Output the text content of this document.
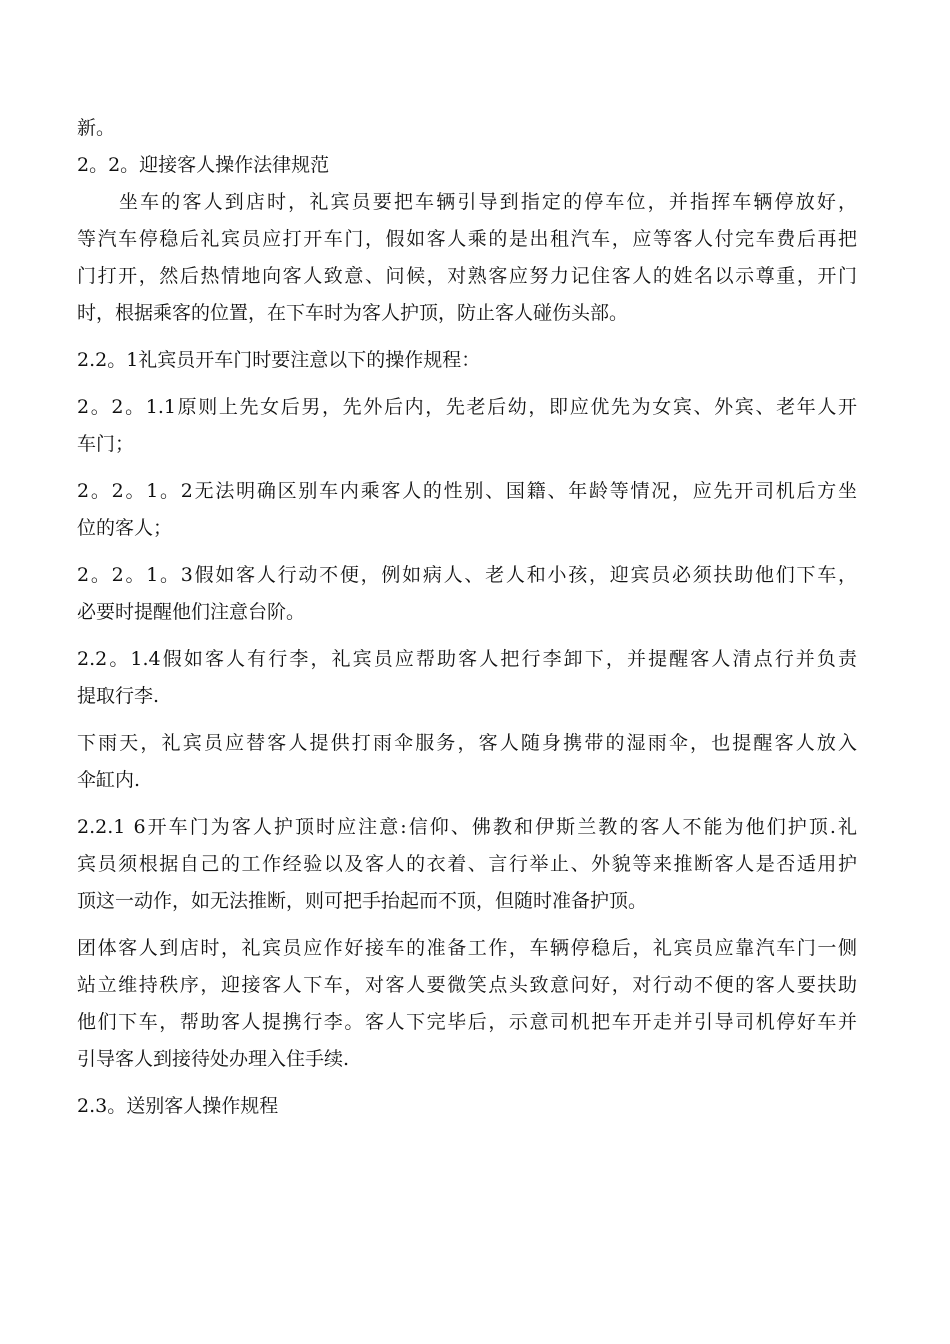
新。
2。2。迎接客人操作法律规范
坐车的客人到店时，礼宾员要把车辆引导到指定的停车位，并指挥车辆停放好，
等汽车停稳后礼宾员应打开车门，假如客人乘的是出租汽车，应等客人付完车费后再把
门打开，然后热情地向客人致意、问候，对熟客应努力记住客人的姓名以示尊重，开门
时，根据乘客的位置，在下车时为客人护顶，防止客人碰伤头部。
2.2。1礼宾员开车门时要注意以下的操作规程：
2。2。1.1原则上先女后男，先外后内，先老后幼，即应优先为女宾、外宾、老年人开
车门；
2。2。1。2无法明确区别车内乘客人的性别、国籍、年龄等情况，应先开司机后方坐
位的客人；
2。2。1。3假如客人行动不便，例如病人、老人和小孩，迎宾员必须扶助他们下车，
必要时提醒他们注意台阶。
2.2。1.4假如客人有行李，礼宾员应帮助客人把行李卸下，并提醒客人清点行并负责
提取行李.
下雨天，礼宾员应替客人提供打雨伞服务，客人随身携带的湿雨伞，也提醒客人放入
伞缸内.
2.2.1 6开车门为客人护顶时应注意:信仰、佛教和伊斯兰教的客人不能为他们护顶.礼
宾员须根据自己的工作经验以及客人的衣着、言行举止、外貌等来推断客人是否适用护
顶这一动作，如无法推断，则可把手抬起而不顶，但随时准备护顶。
团体客人到店时，礼宾员应作好接车的准备工作，车辆停稳后，礼宾员应靠汽车门一侧
站立维持秩序，迎接客人下车，对客人要微笑点头致意问好，对行动不便的客人要扶助
他们下车，帮助客人提携行李。客人下完毕后，示意司机把车开走并引导司机停好车并
引导客人到接待处办理入住手续.
2.3。送别客人操作规程
